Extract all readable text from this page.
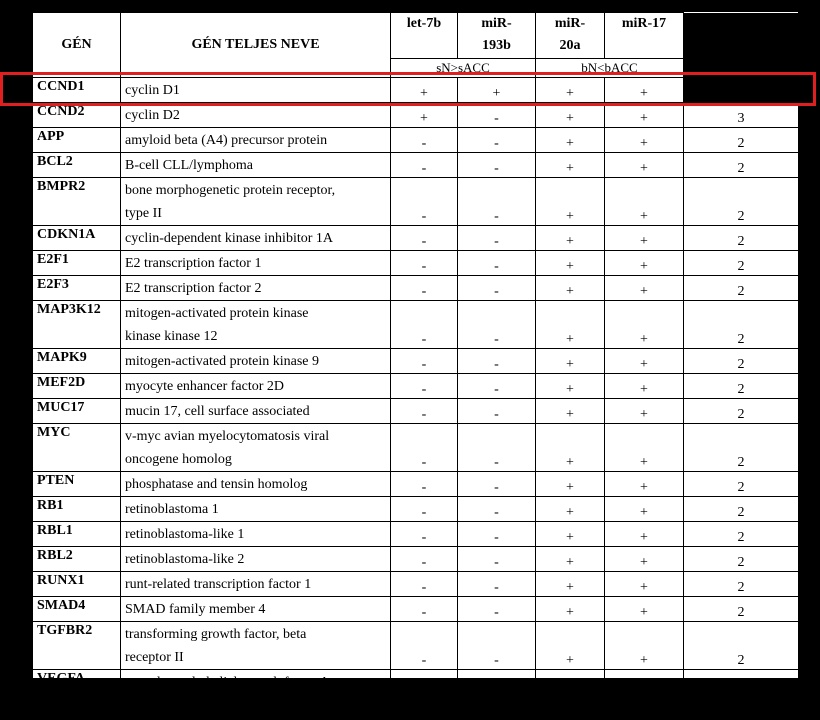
GÉN	GÉN TELJES NEVE	let-7b	miR-
193b	miR-
20a	miR-17	
		sN>sACC		bN<bACC		
CCND1	cyclin D1	+	+	+	+	
CCND2	cyclin D2	+	-	+	+	3
APP	amyloid beta (A4) precursor protein	-	-	+	+	2
BCL2	B-cell CLL/lymphoma	-	-	+	+	2
BMPR2	bone morphogenetic protein receptor,
type II	-	-	+	+	2
CDKN1A	cyclin-dependent kinase inhibitor 1A	-	-	+	+	2
E2F1	E2 transcription factor 1	-	-	+	+	2
E2F3	E2 transcription factor 2	-	-	+	+	2
MAP3K12	mitogen-activated protein kinase
kinase kinase 12	-	-	+	+	2
MAPK9	mitogen-activated protein kinase 9	-	-	+	+	2
MEF2D	myocyte enhancer factor 2D	-	-	+	+	2
MUC17	mucin 17, cell surface associated	-	-	+	+	2
MYC	v-myc avian myelocytomatosis viral
oncogene homolog	-	-	+	+	2
PTEN	phosphatase and tensin homolog	-	-	+	+	2
RB1	retinoblastoma 1	-	-	+	+	2
RBL1	retinoblastoma-like 1	-	-	+	+	2
RBL2	retinoblastoma-like 2	-	-	+	+	2
RUNX1	runt-related transcription factor 1	-	-	+	+	2
SMAD4	SMAD family member 4	-	-	+	+	2
TGFBR2	transforming growth factor, beta
receptor II	-	-	+	+	2
VEGFA	vascular endothelial growth factor A	-	-	+	+	2
WEE1	WEE1 G2 checkpoint kinase	-	-	+	+	2
